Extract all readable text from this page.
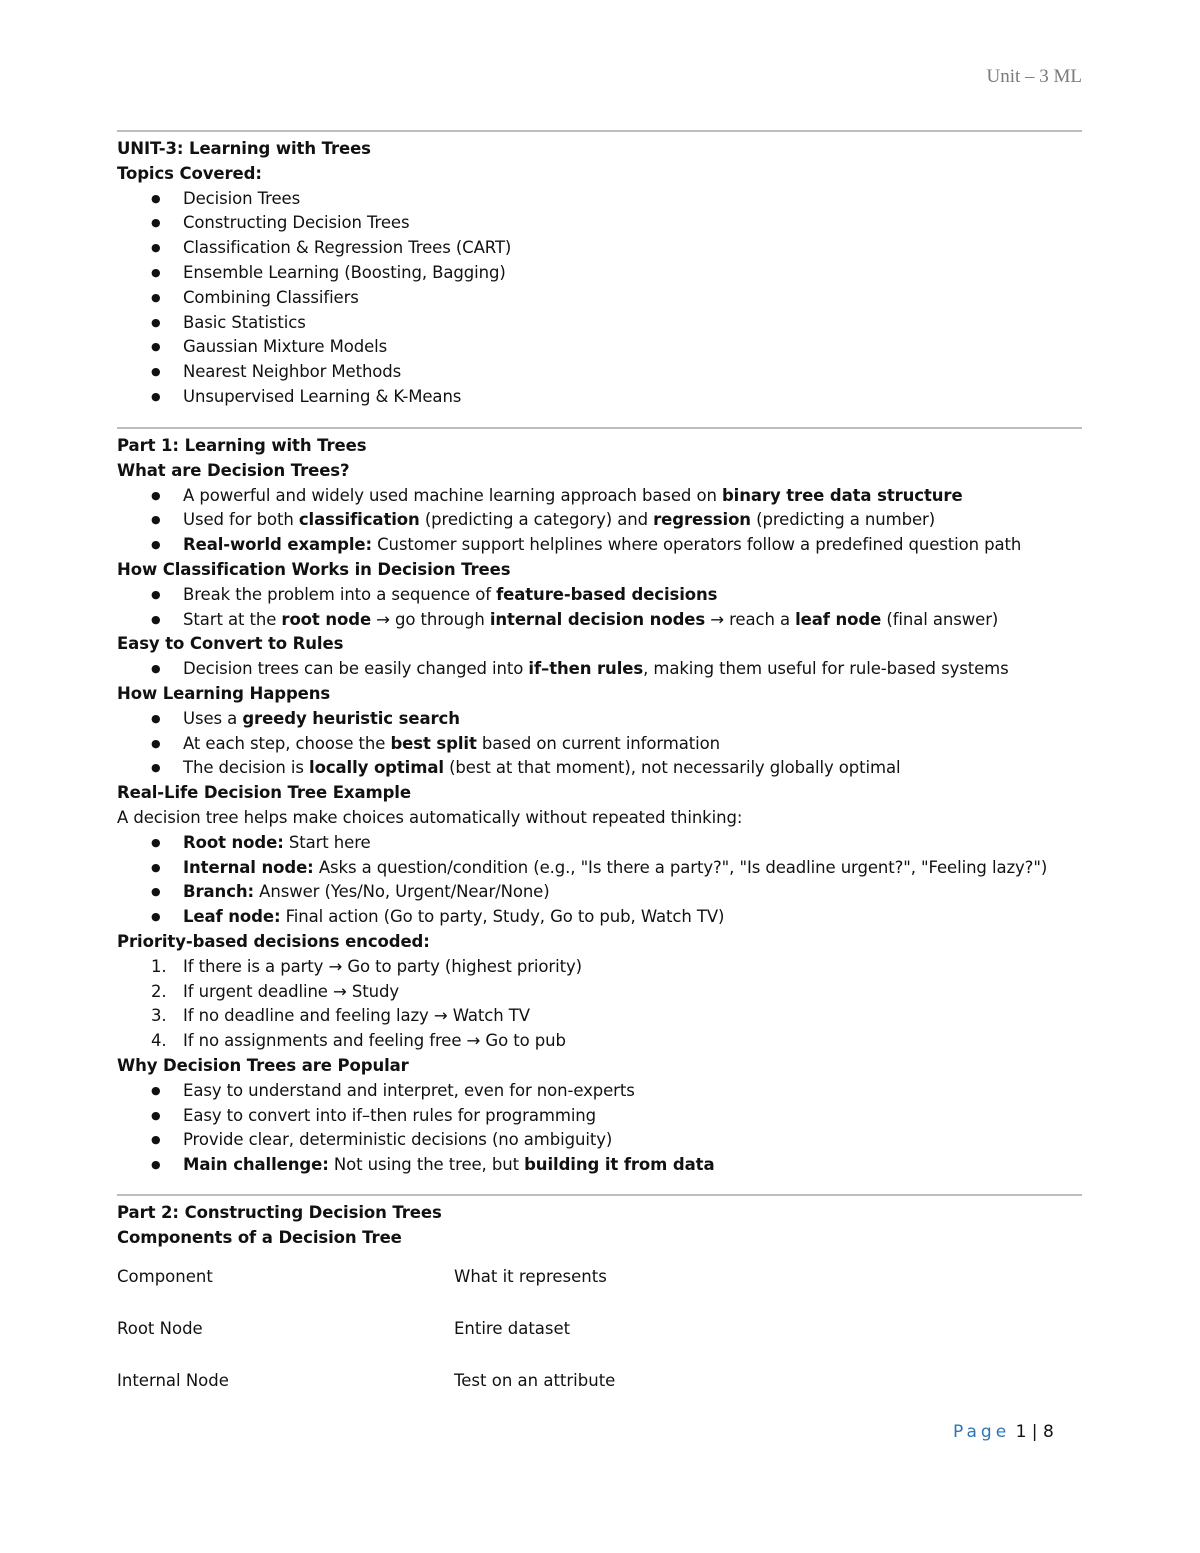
Unit – 3 ML
UNIT-3: Learning with Trees
Topics Covered:
● Decision Trees
● Constructing Decision Trees
● Classification & Regression Trees (CART)
● Ensemble Learning (Boosting, Bagging)
● Combining Classifiers
● Basic Statistics
● Gaussian Mixture Models
● Nearest Neighbor Methods
● Unsupervised Learning & K-Means
Part 1: Learning with Trees
What are Decision Trees?
● A powerful and widely used machine learning approach based on binary tree data structure
● Used for both classification (predicting a category) and regression (predicting a number)
● Real-world example: Customer support helplines where operators follow a predefined question path
How Classification Works in Decision Trees
● Break the problem into a sequence of feature-based decisions
● Start at the root node → go through internal decision nodes → reach a leaf node (final answer)
Easy to Convert to Rules
● Decision trees can be easily changed into if–then rules, making them useful for rule-based systems
How Learning Happens
● Uses a greedy heuristic search
● At each step, choose the best split based on current information
● The decision is locally optimal (best at that moment), not necessarily globally optimal
Real-Life Decision Tree Example
A decision tree helps make choices automatically without repeated thinking:
● Root node: Start here
● Internal node: Asks a question/condition (e.g., "Is there a party?", "Is deadline urgent?", "Feeling lazy?")
● Branch: Answer (Yes/No, Urgent/Near/None)
● Leaf node: Final action (Go to party, Study, Go to pub, Watch TV)
Priority-based decisions encoded:
1. If there is a party → Go to party (highest priority)
2. If urgent deadline → Study
3. If no deadline and feeling lazy → Watch TV
4. If no assignments and feeling free → Go to pub
Why Decision Trees are Popular
● Easy to understand and interpret, even for non-experts
● Easy to convert into if–then rules for programming
● Provide clear, deterministic decisions (no ambiguity)
● Main challenge: Not using the tree, but building it from data
Part 2: Constructing Decision Trees
Components of a Decision Tree
Component	What it represents
Root Node	Entire dataset
Internal Node	Test on an attribute
Page 1 | 8
